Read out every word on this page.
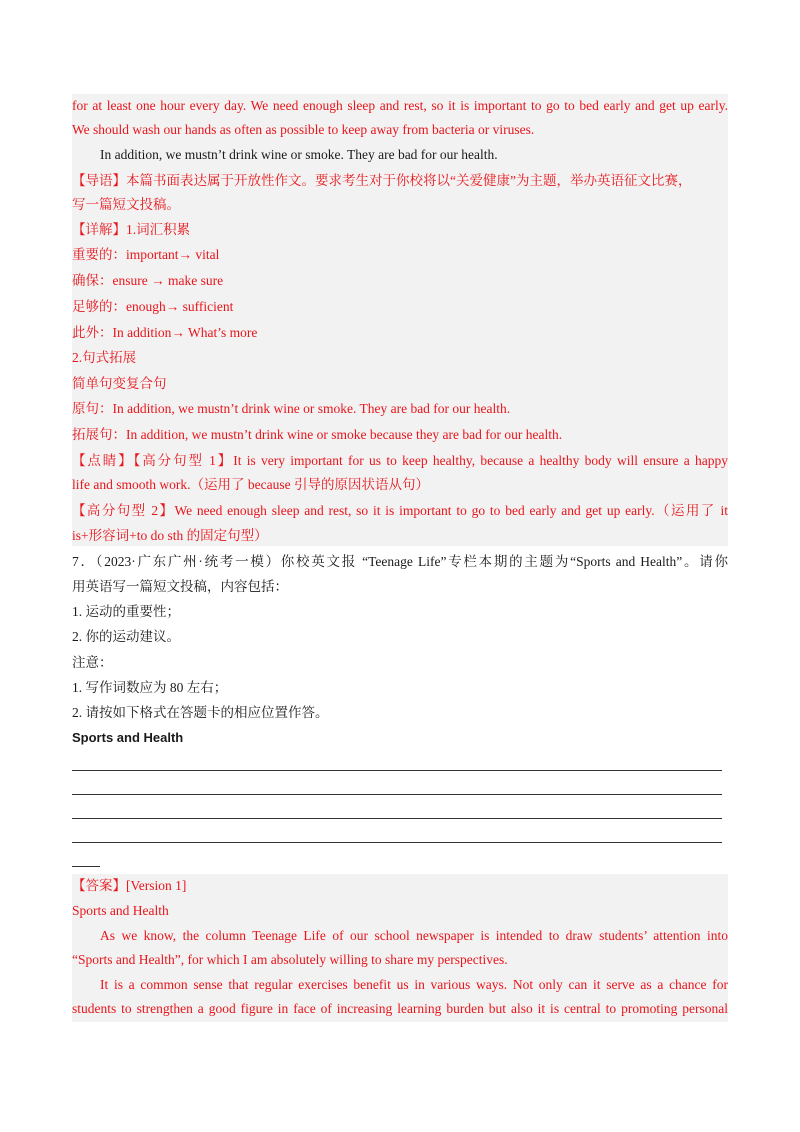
for at least one hour every day. We need enough sleep and rest, so it is important to go to bed early and get up early.
We should wash our hands as often as possible to keep away from bacteria or viruses.
In addition, we mustn’t drink wine or smoke. They are bad for our health.
【导语】本篇书面表达属于开放性作文。要求考生对于你校将以“关爱健康”为主题，举办英语征文比赛，
写一篇短文投稿。
【详解】1.词汇积累
重要的：important→ vital
确保：ensure → make sure
足够的：enough→ sufficient
此外：In addition→ What’s more
2.句式拓展
简单句变复合句
原句：In addition, we mustn’t drink wine or smoke. They are bad for our health.
拓展句：In addition, we mustn’t drink wine or smoke because they are bad for our health.
【点睛】【高分句型 1】It is very important for us to keep healthy, because a healthy body will ensure a happy
life and smooth work.（运用了 because 引导的原因状语从句）
【高分句型 2】We need enough sleep and rest, so it is important to go to bed early and get up early.（运用了 it
is+形容词+to do sth 的固定句型）
7．（2023·广东广州·统考一模）你校英文报 “Teenage Life”专栏本期的主题为“Sports and Health”。请你
用英语写一篇短文投稿，内容包括：
1. 运动的重要性；
2. 你的运动建议。
注意：
1. 写作词数应为 80 左右；
2. 请按如下格式在答题卡的相应位置作答。
Sports and Health
【答案】[Version 1]
Sports and Health
As we know, the column Teenage Life of our school newspaper is intended to draw students’ attention into
“Sports and Health”, for which I am absolutely willing to share my perspectives.
It is a common sense that regular exercises benefit us in various ways. Not only can it serve as a chance for
students to strengthen a good figure in face of increasing learning burden but also it is central to promoting personal
